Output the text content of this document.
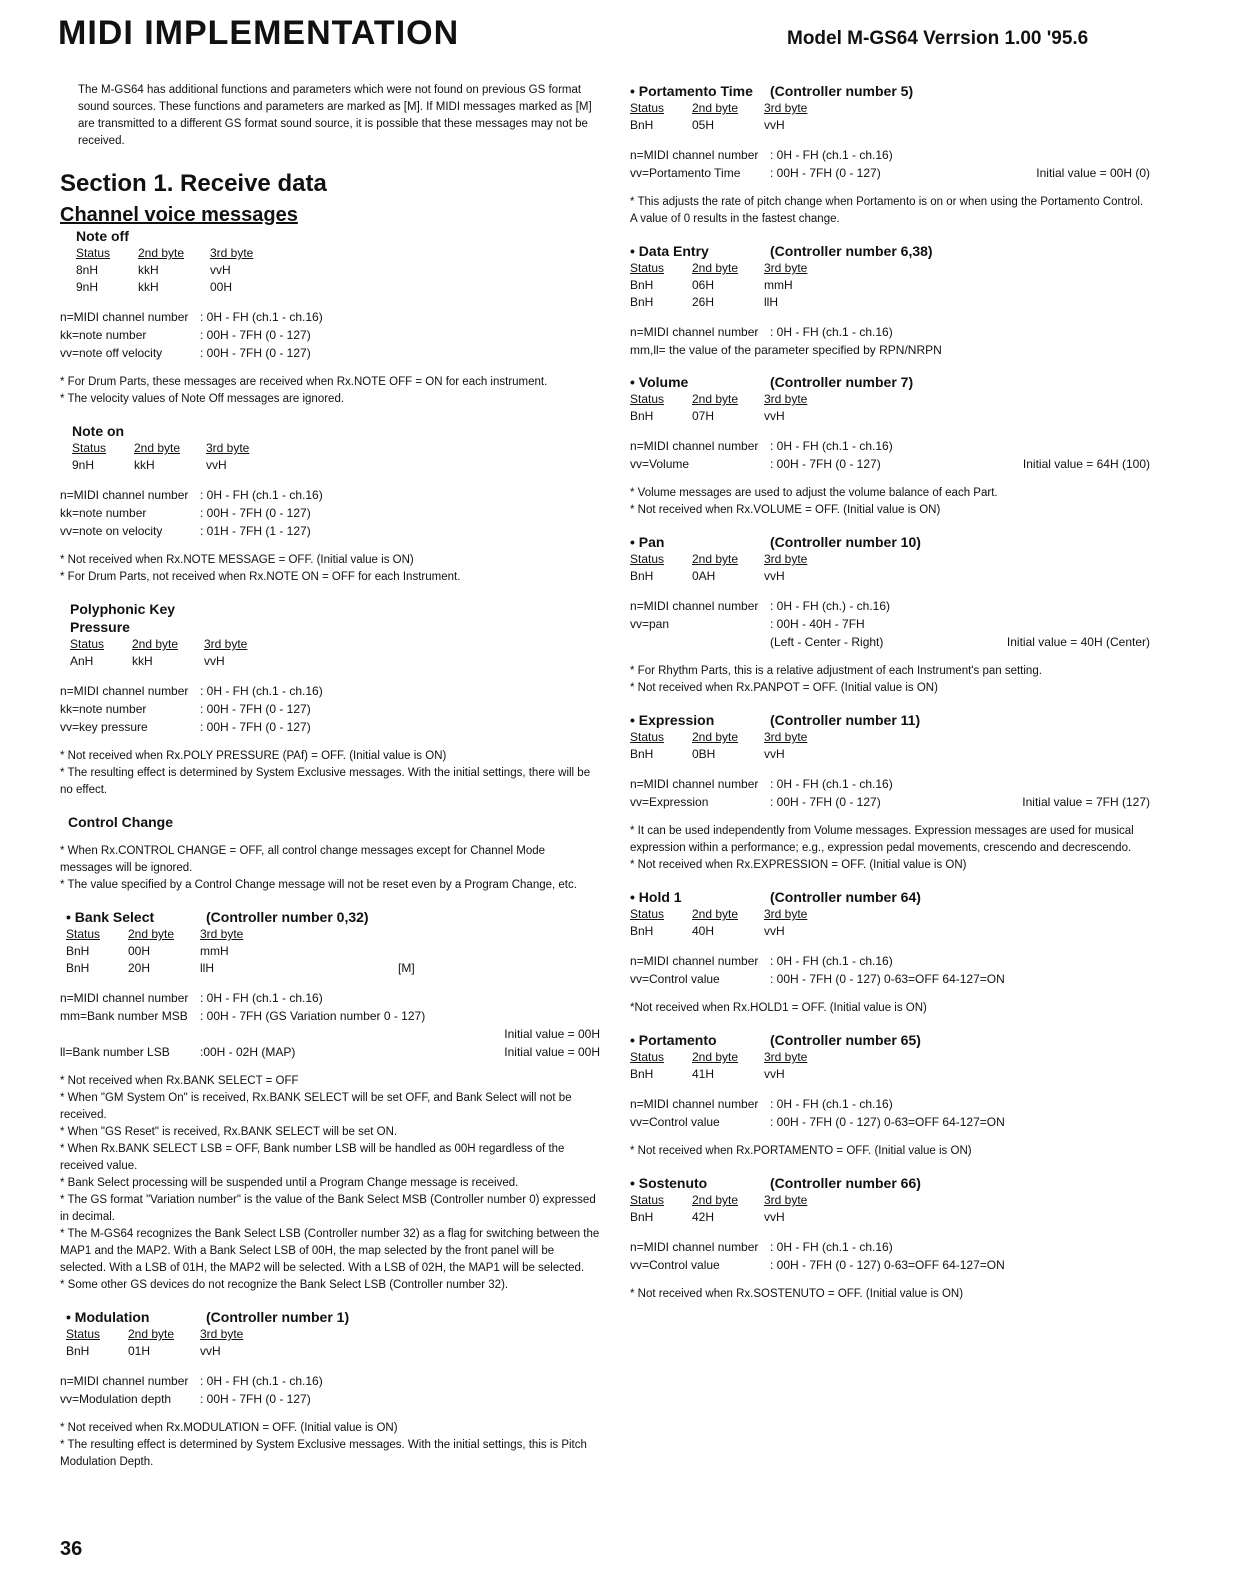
MIDI IMPLEMENTATION	Model M-GS64 Verrsion 1.00 '95.6

The M-GS64 has additional functions and parameters which were not found on previous GS format sound sources. These functions and parameters are marked as [M]. If MIDI messages marked as [M] are transmitted to a different GS format sound source, it is possible that these messages may not be received.

Section 1. Receive data
Channel voice messages
Note off
Status	2nd byte	3rd byte
8nH	kkH	vvH
9nH	kkH	00H
n=MIDI channel number : 0H - FH (ch.1 - ch.16)
kk=note number	: 00H - 7FH (0 - 127)
vv=note off velocity	: 00H - 7FH (0 - 127)

* For Drum Parts, these messages are received when Rx.NOTE OFF = ON for each instrument.

* The velocity values of Note Off messages are ignored.

Note on
Status	2nd byte	3rd byte
9nH	kkH	vvH
n=MIDI channel number : 0H - FH (ch.1 - ch.16)
kk=note number	: 00H - 7FH (0 - 127)
vv=note on velocity	: 01H - 7FH (1 - 127)

* Not received when Rx.NOTE MESSAGE = OFF. (Initial value is ON)

* For Drum Parts, not received when Rx.NOTE ON = OFF for each Instrument.

Polyphonic Key Pressure
Status	2nd byte	3rd byte
AnH	kkH	vvH
n=MIDI channel number : 0H - FH (ch.1 - ch.16)
kk=note number	: 00H - 7FH (0 - 127)
vv=key pressure	: 00H - 7FH (0 - 127)

* Not received when Rx.POLY PRESSURE (PAf) = OFF. (Initial value is ON)

* The resulting effect is determined by System Exclusive messages. With the initial settings, there will be no effect.

Control Change

* When Rx.CONTROL CHANGE = OFF, all control change messages except for Channel Mode messages will be ignored.

* The value specified by a Control Change message will not be reset even by a Program Change, etc.

• Bank Select	(Controller number 0,32)
Status	2nd byte	3rd byte
BnH	00H	mmH
BnH	20H	llH	[M]
n=MIDI channel number : 0H - FH (ch.1 - ch.16)
mm=Bank number MSB	: 00H - 7FH (GS Variation number 0 - 127)
Initial value = 00H
ll=Bank number LSB	:00H - 02H (MAP)	Initial value = 00H

* Not received when Rx.BANK SELECT = OFF

* When "GM System On" is received, Rx.BANK SELECT will be set OFF, and Bank Select will not be received.

* When "GS Reset" is received, Rx.BANK SELECT will be set ON.

* When Rx.BANK SELECT LSB = OFF, Bank number LSB will be handled as 00H regardless of the received value.

* Bank Select processing will be suspended until a Program Change message is received.

* The GS format "Variation number" is the value of the Bank Select MSB (Controller number 0) expressed in decimal.

* The M-GS64 recognizes the Bank Select LSB (Controller number 32) as a flag for switching between the MAP1 and the MAP2. With a Bank Select LSB of 00H, the map selected by the front panel will be selected. With a LSB of 01H, the MAP2 will be selected. With a LSB of 02H, the MAP1 will be selected.

* Some other GS devices do not recognize the Bank Select LSB (Controller number 32).

• Modulation	(Controller number 1)
Status	2nd byte	3rd byte
BnH	01H	vvH
n=MIDI channel number : 0H - FH (ch.1 - ch.16)
vv=Modulation depth	: 00H - 7FH (0 - 127)

* Not received when Rx.MODULATION = OFF. (Initial value is ON)

* The resulting effect is determined by System Exclusive messages. With the initial settings, this is Pitch Modulation Depth.

• Portamento Time (Controller number 5)
Status	2nd byte	3rd byte
BnH	05H	vvH
n=MIDI channel number : 0H - FH (ch.1 - ch.16)
vv=Portamento Time	: 00H - 7FH (0 - 127)	Initial value = 00H (0)

* This adjusts the rate of pitch change when Portamento is on or when using the Portamento Control. A value of 0 results in the fastest change.

• Data Entry	(Controller number 6,38)
Status	2nd byte	3rd byte
BnH	06H	mmH
BnH	26H	llH
n=MIDI channel number : 0H - FH (ch.1 - ch.16)
mm,ll= the value of the parameter specified by RPN/NRPN
• Volume	(Controller number 7)
Status	2nd byte	3rd byte
BnH	07H	vvH
n=MIDI channel number : 0H - FH (ch.1 - ch.16)
vv=Volume	: 00H - 7FH (0 - 127)	Initial value = 64H (100)

* Volume messages are used to adjust the volume balance of each Part.

* Not received when Rx.VOLUME = OFF. (Initial value is ON)

• Pan	(Controller number 10)
Status	2nd byte	3rd byte
BnH	0AH	vvH
n=MIDI channel number : 0H - FH (ch.) - ch.16)
vv=pan	: 00H - 40H - 7FH
(Left - Center - Right)	Initial value = 40H (Center)

* For Rhythm Parts, this is a relative adjustment of each Instrument's pan setting.

* Not received when Rx.PANPOT = OFF. (Initial value is ON)

• Expression	(Controller number 11)
Status	2nd byte	3rd byte
BnH	0BH	vvH
n=MIDI channel number : 0H - FH (ch.1 - ch.16)
vv=Expression	: 00H - 7FH (0 - 127)	Initial value = 7FH (127)

* It can be used independently from Volume messages. Expression messages are used for musical expression within a performance; e.g., expression pedal movements, crescendo and decrescendo.

* Not received when Rx.EXPRESSION = OFF. (Initial value is ON)

• Hold 1	(Controller number 64)
Status	2nd byte	3rd byte
BnH	40H	vvH
n=MIDI channel number : 0H - FH (ch.1 - ch.16)
vv=Control value	: 00H - 7FH (0 - 127) 0-63=OFF 64-127=ON

*Not received when Rx.HOLD1 = OFF. (Initial value is ON)

• Portamento	(Controller number 65)
Status	2nd byte	3rd byte
BnH	41H	vvH
n=MIDI channel number : 0H - FH (ch.1 - ch.16)
vv=Control value	: 00H - 7FH (0 - 127) 0-63=OFF 64-127=ON

* Not received when Rx.PORTAMENTO = OFF. (Initial value is ON)

• Sostenuto	(Controller number 66)
Status	2nd byte	3rd byte
BnH	42H	vvH
n=MIDI channel number : 0H - FH (ch.1 - ch.16)
vv=Control value	: 00H - 7FH (0 - 127) 0-63=OFF 64-127=ON

* Not received when Rx.SOSTENUTO = OFF. (Initial value is ON)

36
